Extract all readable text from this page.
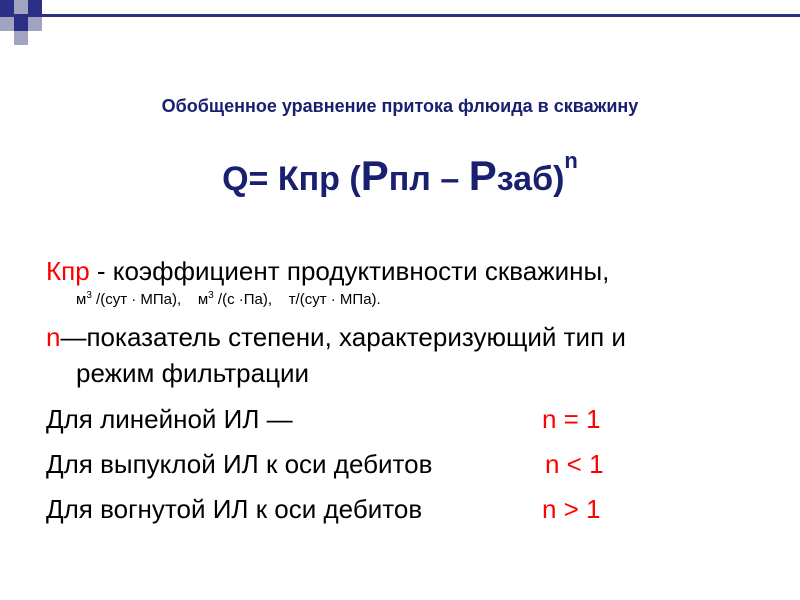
Обобщенное уравнение притока флюида в скважину
Q= Кпр (Рпл – Рзаб)$^n$
Кпр - коэффициент продуктивности скважины,
$м^3$ /(сут · МПа), $м^3$ /(с ·Па), т/(сут · МПа).
n—показатель степени, характеризующий тип и
режим фильтрации
Для линейной ИЛ —	n = 1
Для выпуклой ИЛ к оси дебитов	n < 1
Для вогнутой ИЛ к оси дебитов	n > 1
